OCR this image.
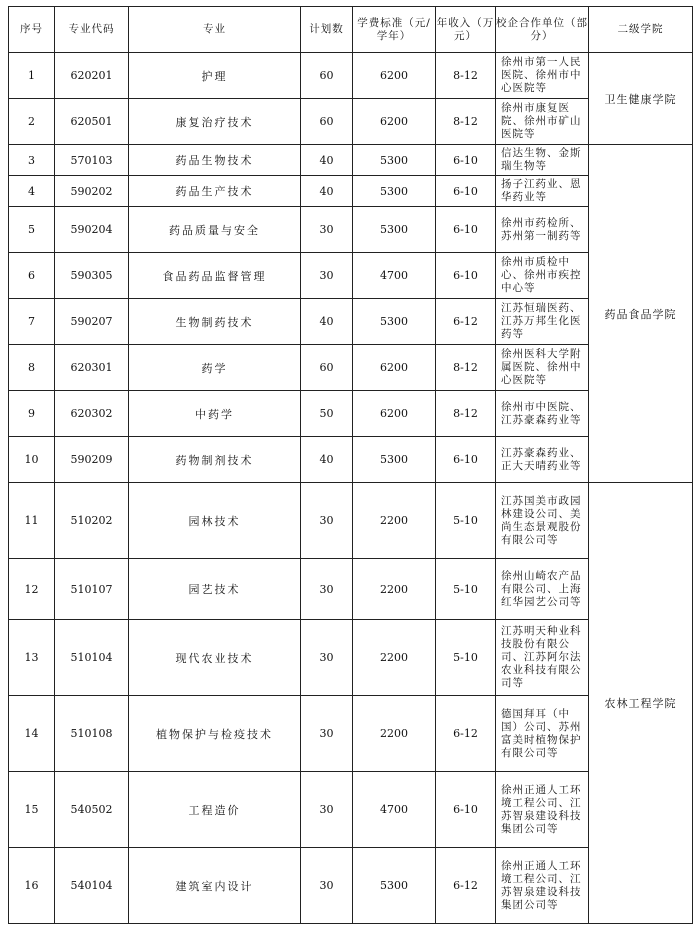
序号	专业代码	专业	计划数	学费标准（元/学年）	年收入（万元）	校企合作单位（部分）	二级学院
1	620201	护理	60	6200	8-12	徐州市第一人民医院、徐州市中心医院等	卫生健康学院
2	620501	康复治疗技术	60	6200	8-12	徐州市康复医院、徐州市矿山医院等	
3	570103	药品生物技术	40	5300	6-10	信达生物、金斯瑞生物等	药品食品学院
4	590202	药品生产技术	40	5300	6-10	扬子江药业、恩华药业等	
5	590204	药品质量与安全	30	5300	6-10	徐州市药检所、苏州第一制药等	
6	590305	食品药品监督管理	30	4700	6-10	徐州市质检中心、徐州市疾控中心等	
7	590207	生物制药技术	40	5300	6-12	江苏恒瑞医药、江苏万邦生化医药等	
8	620301	药学	60	6200	8-12	徐州医科大学附属医院、徐州中心医院等	
9	620302	中药学	50	6200	8-12	徐州市中医院、江苏豪森药业等	
10	590209	药物制剂技术	40	5300	6-10	江苏豪森药业、正大天晴药业等	
11	510202	园林技术	30	2200	5-10	江苏国美市政园林建设公司、美尚生态景观股份有限公司等	农林工程学院
12	510107	园艺技术	30	2200	5-10	徐州山崎农产品有限公司、上海红华园艺公司等	
13	510104	现代农业技术	30	2200	5-10	江苏明天种业科技股份有限公司、江苏阿尔法农业科技有限公司等	
14	510108	植物保护与检疫技术	30	2200	6-12	德国拜耳（中国）公司、苏州富美时植物保护有限公司等	
15	540502	工程造价	30	4700	6-10	徐州正通人工环境工程公司、江苏智泉建设科技集团公司等	
16	540104	建筑室内设计	30	5300	6-12	徐州正通人工环境工程公司、江苏智泉建设科技集团公司等	
